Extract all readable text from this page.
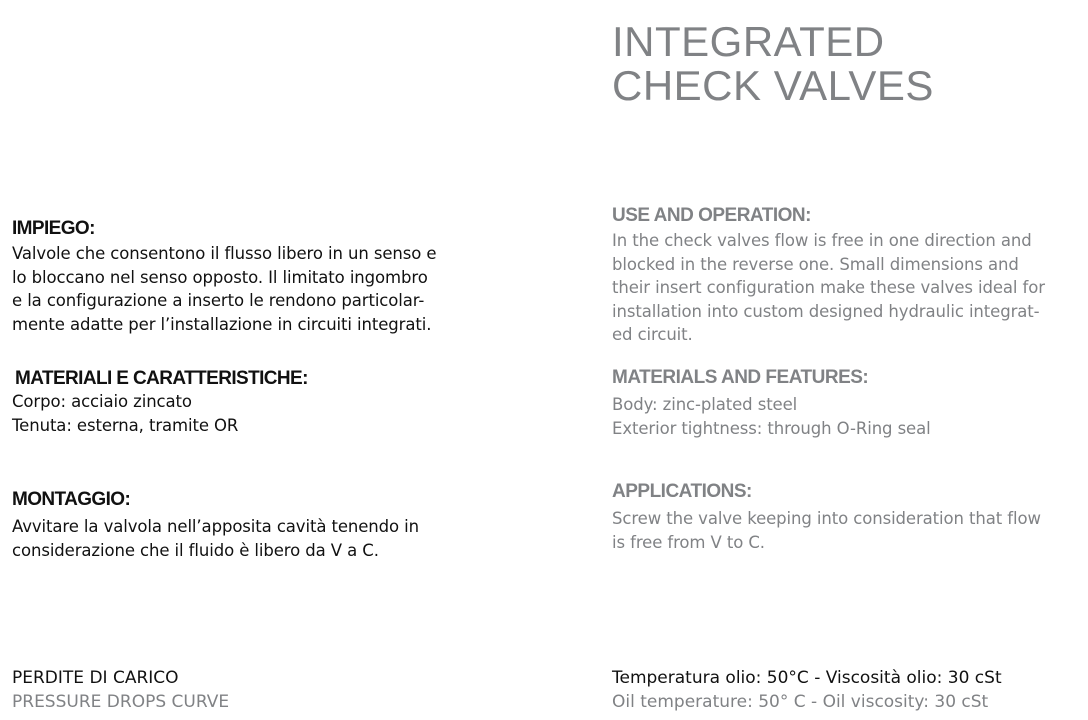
INTEGRATED
CHECK VALVES
IMPIEGO:
Valvole che consentono il flusso libero in un senso e
lo bloccano nel senso opposto. Il limitato ingombro
e la configurazione a inserto le rendono particolar-
mente adatte per l’installazione in circuiti integrati.
MATERIALI E CARATTERISTICHE:
Corpo: acciaio zincato
Tenuta: esterna, tramite OR
MONTAGGIO:
Avvitare la valvola nell’apposita cavità tenendo in
considerazione che il fluido è libero da V a C.
USE AND OPERATION:
In the check valves flow is free in one direction and
blocked in the reverse one. Small dimensions and
their insert configuration make these valves ideal for
installation into custom designed hydraulic integrat-
ed circuit.
MATERIALS AND FEATURES:
Body: zinc-plated steel
Exterior tightness: through O-Ring seal
APPLICATIONS:
Screw the valve keeping into consideration that flow
is free from V to C.
PERDITE DI CARICO
PRESSURE DROPS CURVE
Temperatura olio: 50°C - Viscosità olio: 30 cSt
Oil temperature: 50° C - Oil viscosity: 30 cSt
